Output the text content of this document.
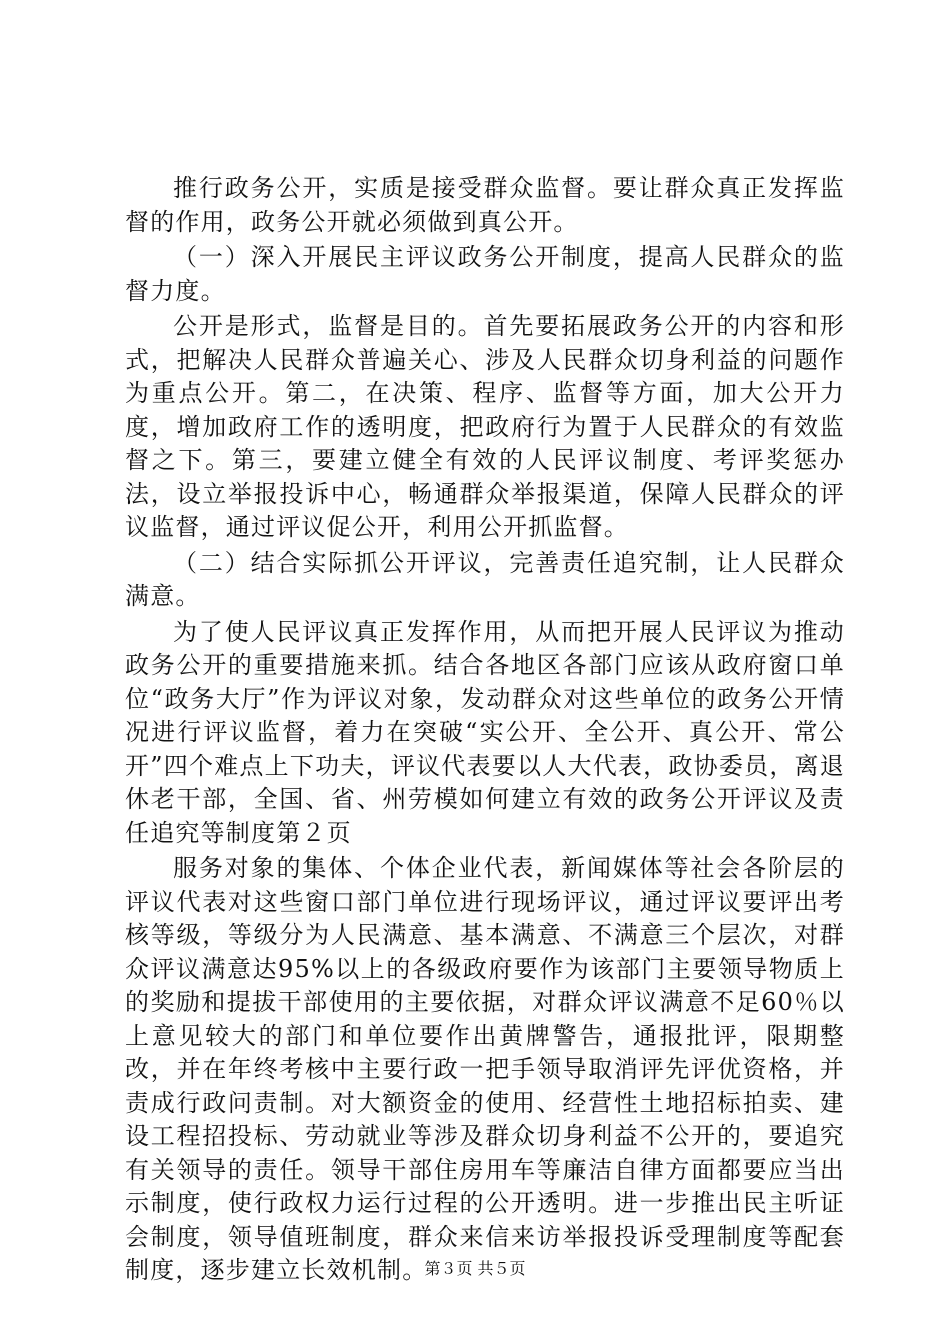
推行政务公开，实质是接受群众监督。要让群众真正发挥监督的作用，政务公开就必须做到真公开。

（一）深入开展民主评议政务公开制度，提高人民群众的监督力度。

公开是形式，监督是目的。首先要拓展政务公开的内容和形式，把解决人民群众普遍关心、涉及人民群众切身利益的问题作为重点公开。第二，在决策、程序、监督等方面，加大公开力度，增加政府工作的透明度，把政府行为置于人民群众的有效监督之下。第三，要建立健全有效的人民评议制度、考评奖惩办法，设立举报投诉中心，畅通群众举报渠道，保障人民群众的评议监督，通过评议促公开，利用公开抓监督。

（二）结合实际抓公开评议，完善责任追究制，让人民群众满意。

为了使人民评议真正发挥作用，从而把开展人民评议为推动政务公开的重要措施来抓。结合各地区各部门应该从政府窗口单位“政务大厅”作为评议对象，发动群众对这些单位的政务公开情况进行评议监督，着力在突破“实公开、全公开、真公开、常公开”四个难点上下功夫，评议代表要以人大代表，政协委员，离退休老干部，全国、省、州劳模如何建立有效的政务公开评议及责任追究等制度第２页

服务对象的集体、个体企业代表，新闻媒体等社会各阶层的评议代表对这些窗口部门单位进行现场评议，通过评议要评出考核等级，等级分为人民满意、基本满意、不满意三个层次，对群众评议满意达95%以上的各级政府要作为该部门主要领导物质上的奖励和提拔干部使用的主要依据，对群众评议满意不足60％以上意见较大的部门和单位要作出黄牌警告，通报批评，限期整改，并在年终考核中主要行政一把手领导取消评先评优资格，并责成行政问责制。对大额资金的使用、经营性土地招标拍卖、建设工程招投标、劳动就业等涉及群众切身利益不公开的，要追究有关领导的责任。领导干部住房用车等廉洁自律方面都要应当出示制度，使行政权力运行过程的公开透明。进一步推出民主听证会制度，领导值班制度，群众来信来访举报投诉受理制度等配套制度，逐步建立长效机制。

第３页 共５页
